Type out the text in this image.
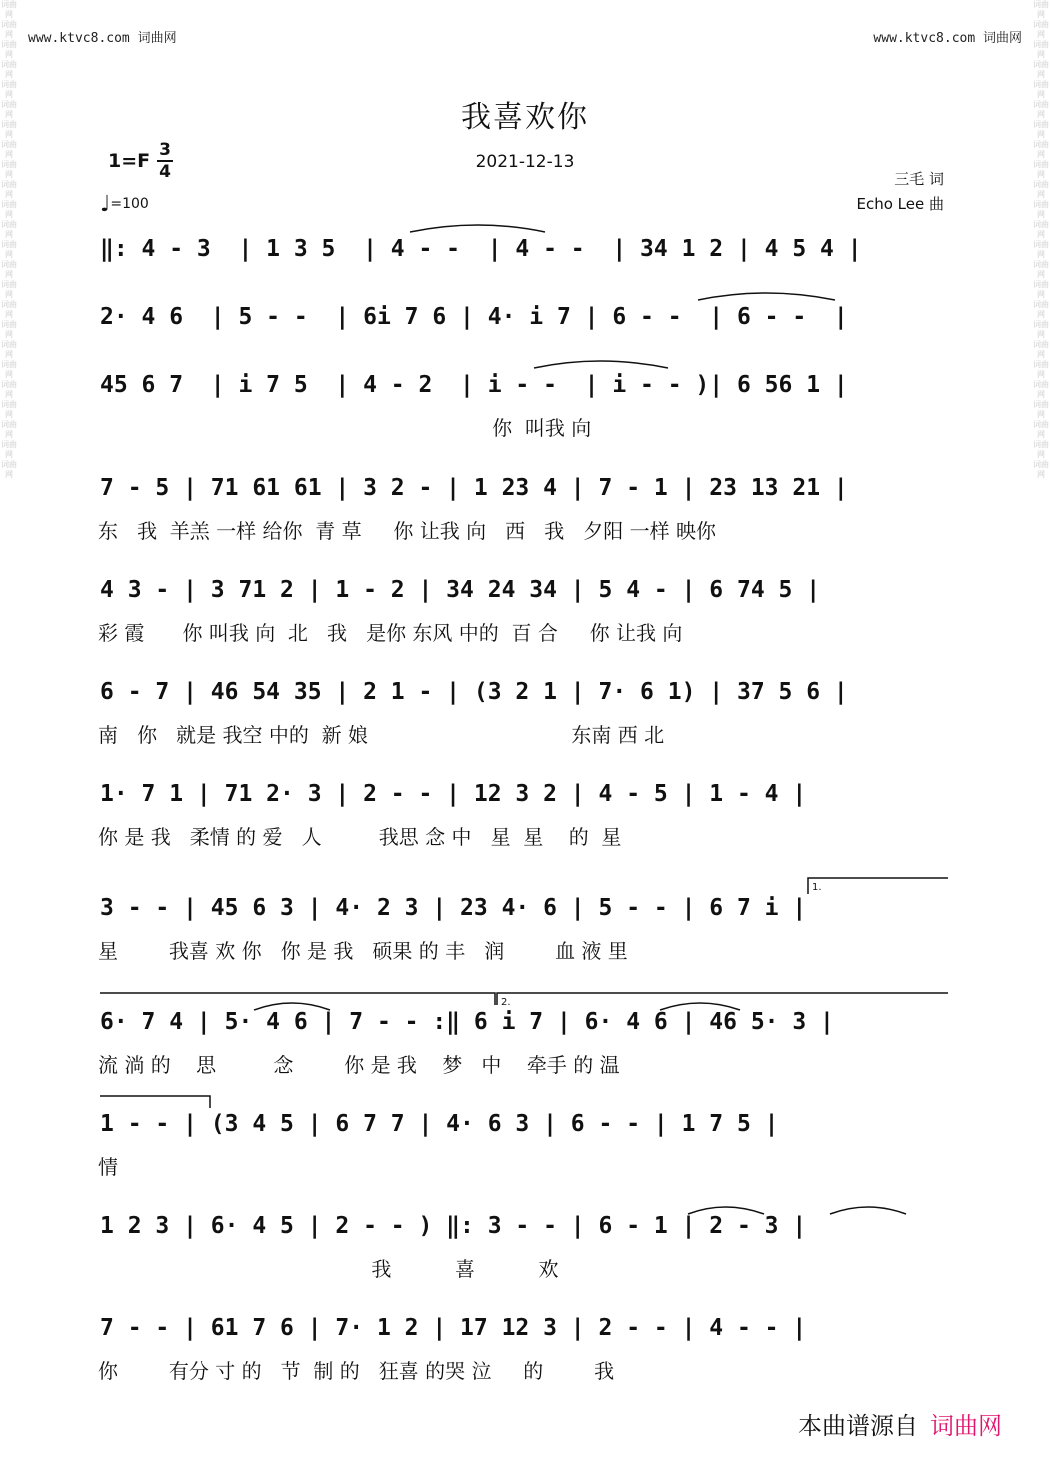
词曲网
词曲网
词曲网
词曲网
词曲网
词曲网
词曲网
词曲网
词曲网
词曲网
词曲网
词曲网
词曲网
词曲网
词曲网
词曲网
词曲网
词曲网
词曲网
词曲网
词曲网
词曲网
词曲网
词曲网
词曲网
词曲网
词曲网
词曲网
词曲网
词曲网
词曲网
词曲网
词曲网
词曲网
词曲网
词曲网
词曲网
词曲网
词曲网
词曲网
词曲网
词曲网
词曲网
词曲网
词曲网
词曲网
词曲网
词曲网
www.ktvc8.com 词曲网	www.ktvc8.com 词曲网
我喜欢你
2021-12-13
1=F 3
4
♩=100
三毛 词
Echo Lee 曲
‖: 4 - 3  | 1 3 5  | 4 - -  | 4 - -  | 34 1 2 | 4 5 4 |
2· 4 6  | 5 - -  | 6i 7 6 | 4· i 7 | 6 - -  | 6 - -  |
45 6 7  | i 7 5  | 4 - 2  | i - -  | i - - )| 6 56 1 |
你  叫我 向
7 - 5 | 71 61 61 | 3 2 - | 1 23 4 | 7 - 1 | 23 13 21 |
东   我  羊羔 一样 给你  青 草     你 让我 向   西   我   夕阳 一样 映你
4 3 - | 3 71 2 | 1 - 2 | 34 24 34 | 5 4 - | 6 74 5 |
彩 霞      你 叫我 向  北   我   是你 东风 中的  百 合     你 让我 向
6 - 7 | 46 54 35 | 2 1 - | (3 2 1 | 7· 6 1) | 37 5 6 |
南   你   就是 我空 中的  新 娘                                东南 西 北
1· 7 1 | 71 2· 3 | 2 - - | 12 3 2 | 4 - 5 | 1 - 4 |
你 是 我   柔情 的 爱   人         我思 念 中   星  星    的  星
3 - - | 45 6 3 | 4· 2 3 | 23 4· 6 | 5 - - | 6 7 i |
星        我喜 欢 你   你 是 我   硕果 的 丰   润        血 液 里
6· 7 4 | 5· 4 6 | 7 - - :‖ 6 i 7 | 6· 4 6 | 46 5· 3 |
流 淌 的    思         念        你 是 我    梦   中    牵手 的 温
1 - - | (3 4 5 | 6 7 7 | 4· 6 3 | 6 - - | 1 7 5 |
情
1 2 3 | 6· 4 5 | 2 - - ) ‖: 3 - - | 6 - 1 | 2 - 3 |
我          喜          欢
7 - - | 61 7 6 | 7· 1 2 | 17 12 3 | 2 - - | 4 - - |
你        有分 寸 的   节  制 的   狂喜 的哭 泣     的        我
1.
2.
本曲谱源自 词曲网
